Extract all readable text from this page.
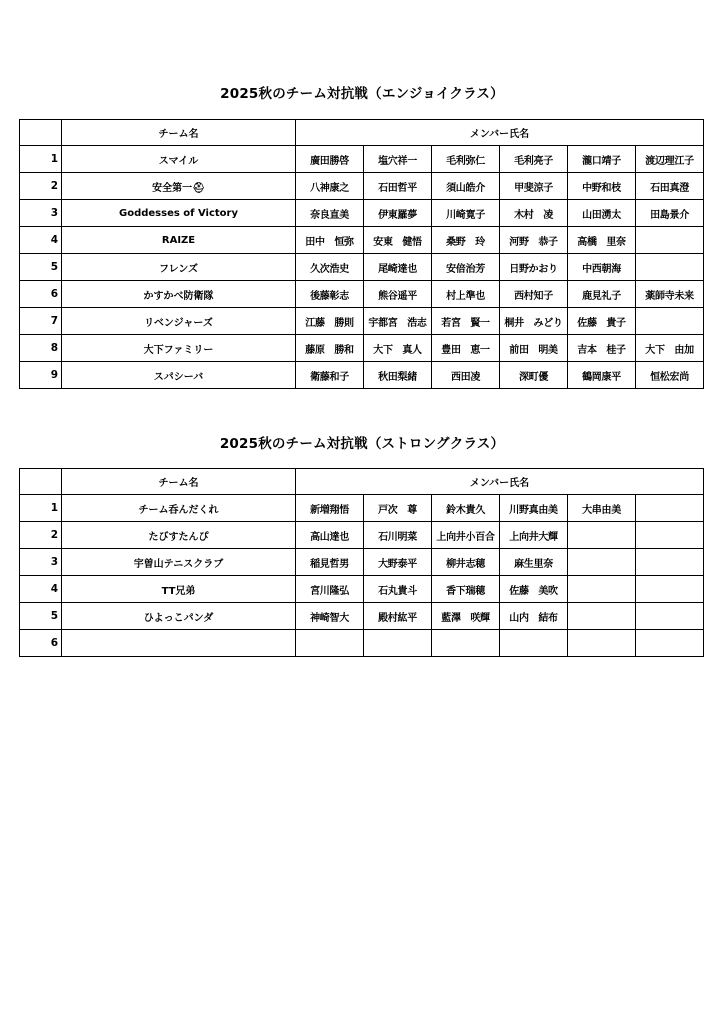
2025秋のチーム対抗戦（エンジョイクラス）
	チーム名	メンバー氏名					
1	スマイル	廣田勝啓	塩穴祥一	毛利弥仁	毛利亮子	瀧口靖子	渡辺理江子
2	安全第一⛑	八神康之	石田哲平	須山皓介	甲斐涼子	中野和枝	石田真澄
3	Goddesses of Victory	奈良直美	伊東羅夢	川崎寛子	木村　凌	山田湧太	田島景介
4	RAIZE	田中　恒弥	安東　健悟	桑野　玲	河野　恭子	高橋　里奈	
5	フレンズ	久次浩史	尾崎達也	安倍治芳	日野かおり	中西朝海	
6	かすかべ防衛隊	後藤彰志	熊谷遥平	村上準也	西村知子	鹿見礼子	薬師寺未来
7	リベンジャーズ	江藤　勝則	宇都宮　浩志	若宮　賢一	桐井　みどり	佐藤　貴子	
8	大下ファミリー	藤原　勝和	大下　真人	豊田　恵一	前田　明美	吉本　桂子	大下　由加
9	スパシーバ	衛藤和子	秋田梨緒	西田凌	深町優	鶴岡康平	恒松宏尚
2025秋のチーム対抗戦（ストロングクラス）
	チーム名	メンバー氏名					
1	チーム呑んだくれ	新増翔悟	戸次　尊	鈴木貴久	川野真由美	大串由美	
2	たびすたんぴ	高山達也	石川明菜	上向井小百合	上向井大輝		
3	宇曽山テニスクラブ	稲見哲男	大野泰平	柳井志穂	麻生里奈		
4	TT兄弟	宮川隆弘	石丸貴斗	香下瑞穂	佐藤　美吹		
5	ひよっこパンダ	神崎智大	殿村紘平	藍澤　咲輝	山内　結布		
6							
